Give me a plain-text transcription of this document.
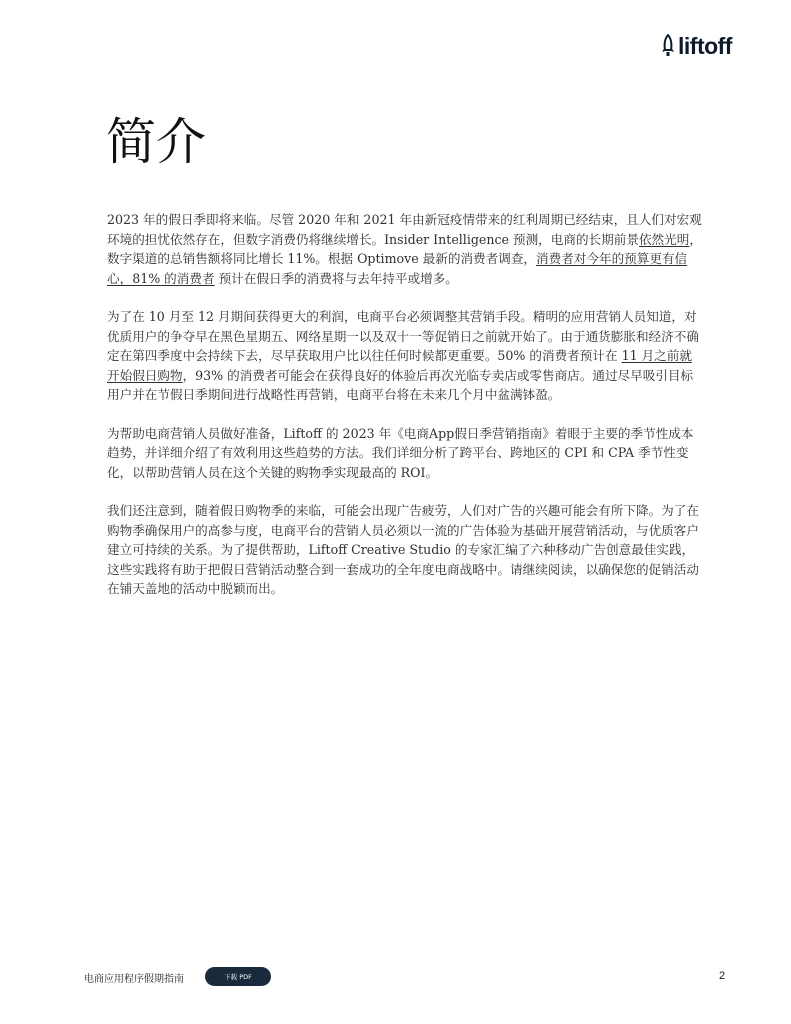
liftoff
简介

2023 年的假日季即将来临。尽管 2020 年和 2021 年由新冠疫情带来的红利周期已经结束，且人们对宏观环境的担忧依然存在，但数字消费仍将继续增长。Insider Intelligence 预测，电商的长期前景依然光明，数字渠道的总销售额将同比增长 11%。根据 Optimove 最新的消费者调查，消费者对今年的预算更有信心，81% 的消费者 预计在假日季的消费将与去年持平或增多。

为了在 10 月至 12 月期间获得更大的利润，电商平台必须调整其营销手段。精明的应用营销人员知道，对优质用户的争夺早在黑色星期五、网络星期一以及双十一等促销日之前就开始了。由于通货膨胀和经济不确定在第四季度中会持续下去，尽早获取用户比以往任何时候都更重要。50% 的消费者预计在 11 月之前就开始假日购物，93% 的消费者可能会在获得良好的体验后再次光临专卖店或零售商店。通过尽早吸引目标用户并在节假日季期间进行战略性再营销，电商平台将在未来几个月中盆满钵盈。

为帮助电商营销人员做好准备，Liftoff 的 2023 年《电商App假日季营销指南》着眼于主要的季节性成本趋势，并详细介绍了有效利用这些趋势的方法。我们详细分析了跨平台、跨地区的 CPI 和 CPA 季节性变化，以帮助营销人员在这个关键的购物季实现最高的 ROI。

我们还注意到，随着假日购物季的来临，可能会出现广告疲劳，人们对广告的兴趣可能会有所下降。为了在购物季确保用户的高参与度，电商平台的营销人员必须以一流的广告体验为基础开展营销活动，与优质客户建立可持续的关系。为了提供帮助，Liftoff Creative Studio 的专家汇编了六种移动广告创意最佳实践，这些实践将有助于把假日营销活动整合到一套成功的全年度电商战略中。请继续阅读，以确保您的促销活动在铺天盖地的活动中脱颖而出。

电商应用程序假期指南	下载 PDF	2
